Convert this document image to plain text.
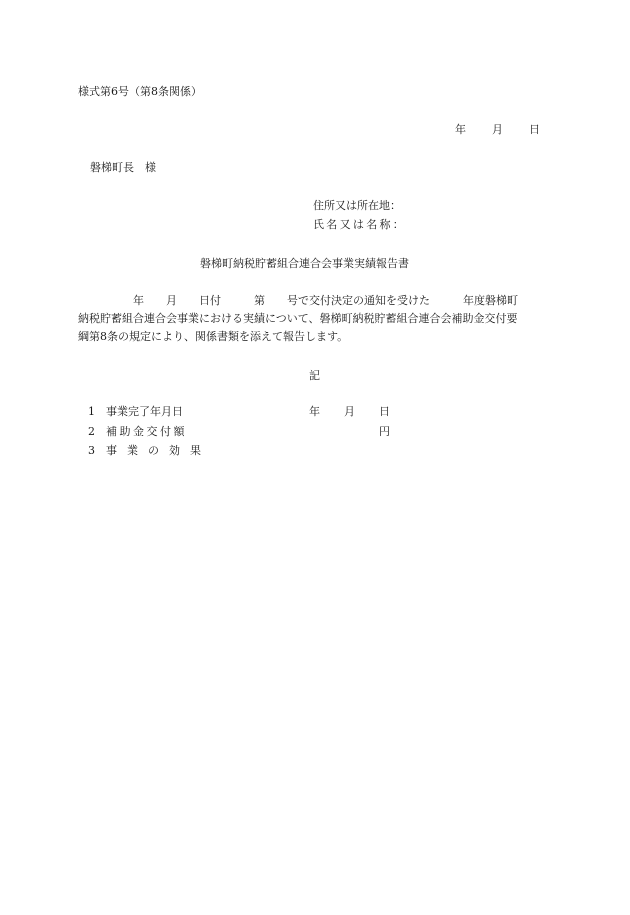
様式第6号（第8条関係）

年

月

日

磐梯町長　様
住所又は所在地：
氏名又は名称：
磐梯町納税貯蓄組合連合会事業実績報告書
　　　　　年　　月　　日付　　　第　　号で交付決定の通知を受けた　　　年度磐梯町
納税貯蓄組合連合会事業における実績について、磐梯町納税貯蓄組合連合会補助金交付要
綱第8条の規定により、関係書類を添えて報告します。
記

1

事業完了年月日

	年

月

日

2

補助金交付額

	円

3

事業の効果
